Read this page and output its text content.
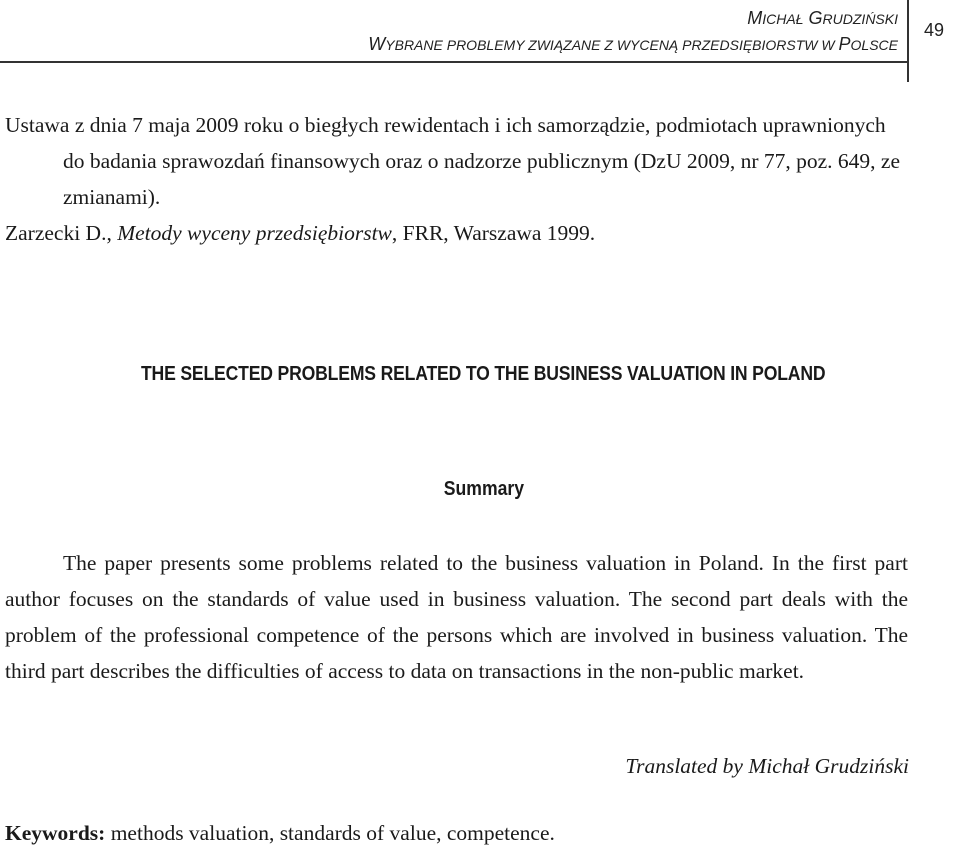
MICHAŁ GRUDZIŃSKI
WYBRANE PROBLEMY ZWIĄZANE Z WYCENĄ PRZEDSIĘBIORSTW W POLSCE
49
Ustawa z dnia 7 maja 2009 roku o biegłych rewidentach i ich samorządzie, podmiotach uprawnionych do badania sprawozdań finansowych oraz o nadzorze publicznym (DzU 2009, nr 77, poz. 649, ze zmianami).
Zarzecki D., Metody wyceny przedsiębiorstw, FRR, Warszawa 1999.
THE SELECTED PROBLEMS RELATED TO THE BUSINESS VALUATION IN POLAND
Summary

The paper presents some problems related to the business valuation in Poland. In the first part author focuses on the standards of value used in business valuation. The second part deals with the problem of the professional competence of the persons which are involved in business valuation. The third part describes the difficulties of access to data on transactions in the non-public market.

Translated by Michał Grudziński
Keywords: methods valuation, standards of value, competence.
